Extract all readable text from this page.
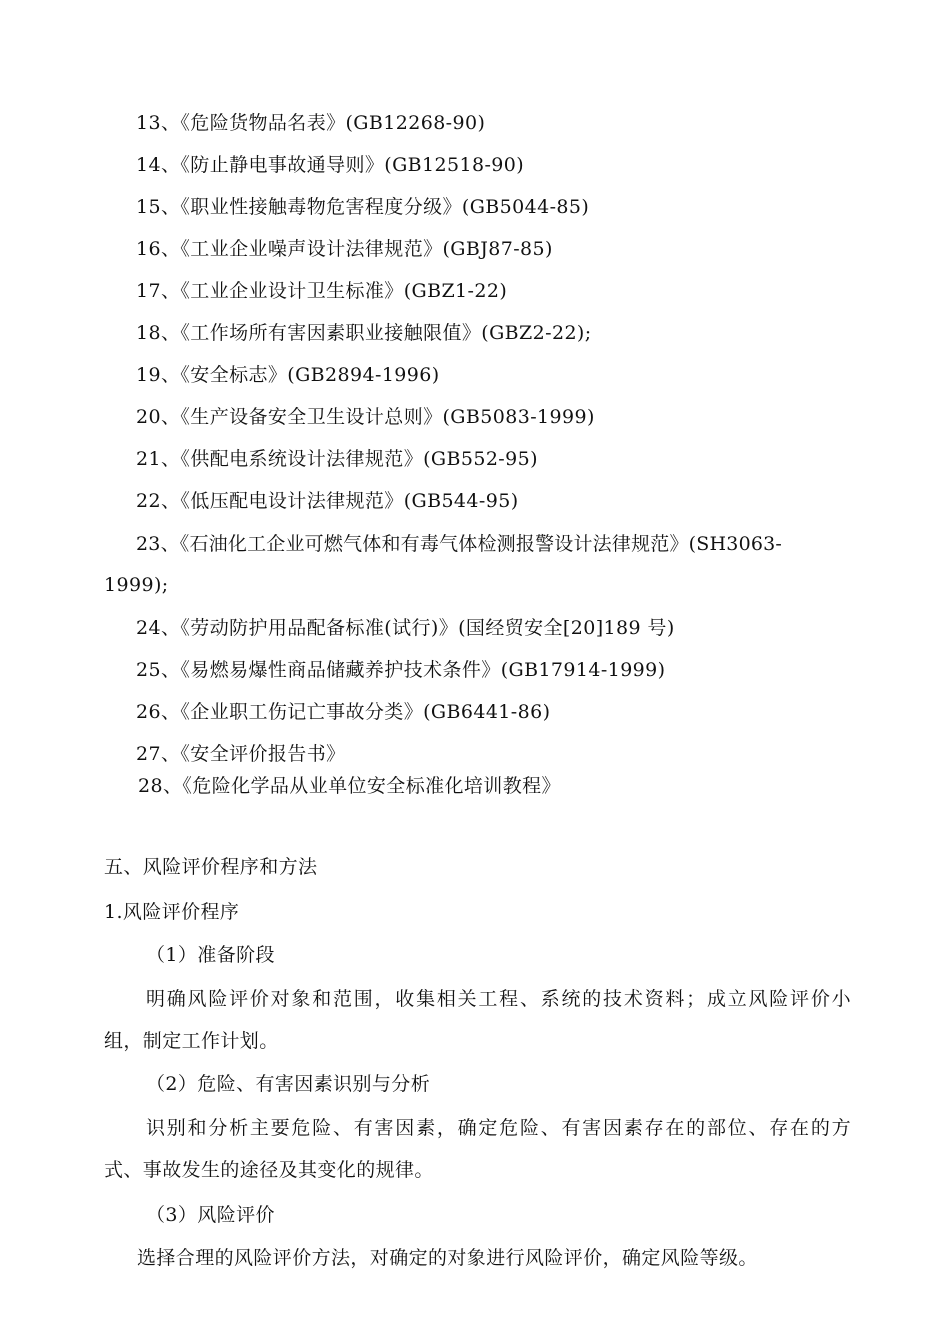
13、《危险货物品名表》(GB12268-90)
14、《防止静电事故通导则》(GB12518-90)
15、《职业性接触毒物危害程度分级》(GB5044-85)
16、《工业企业噪声设计法律规范》(GBJ87-85)
17、《工业企业设计卫生标准》(GBZ1-22)
18、《工作场所有害因素职业接触限值》(GBZ2-22);
19、《安全标志》(GB2894-1996)
20、《生产设备安全卫生设计总则》(GB5083-1999)
21、《供配电系统设计法律规范》(GB552-95)
22、《低压配电设计法律规范》(GB544-95)
23、《石油化工企业可燃气体和有毒气体检测报警设计法律规范》(SH3063-
1999);
24、《劳动防护用品配备标准(试行)》(国经贸安全[20]189 号)
25、《易燃易爆性商品储藏养护技术条件》(GB17914-1999)
26、《企业职工伤记亡事故分类》(GB6441-86)
27、《安全评价报告书》
28、《危险化学品从业单位安全标准化培训教程》
五、风险评价程序和方法
1.风险评价程序
（1）准备阶段
明确风险评价对象和范围，收集相关工程、系统的技术资料；成立风险评价小
组，制定工作计划。
（2）危险、有害因素识别与分析
识别和分析主要危险、有害因素，确定危险、有害因素存在的部位、存在的方
式、事故发生的途径及其变化的规律。
（3）风险评价
选择合理的风险评价方法，对确定的对象进行风险评价，确定风险等级。
